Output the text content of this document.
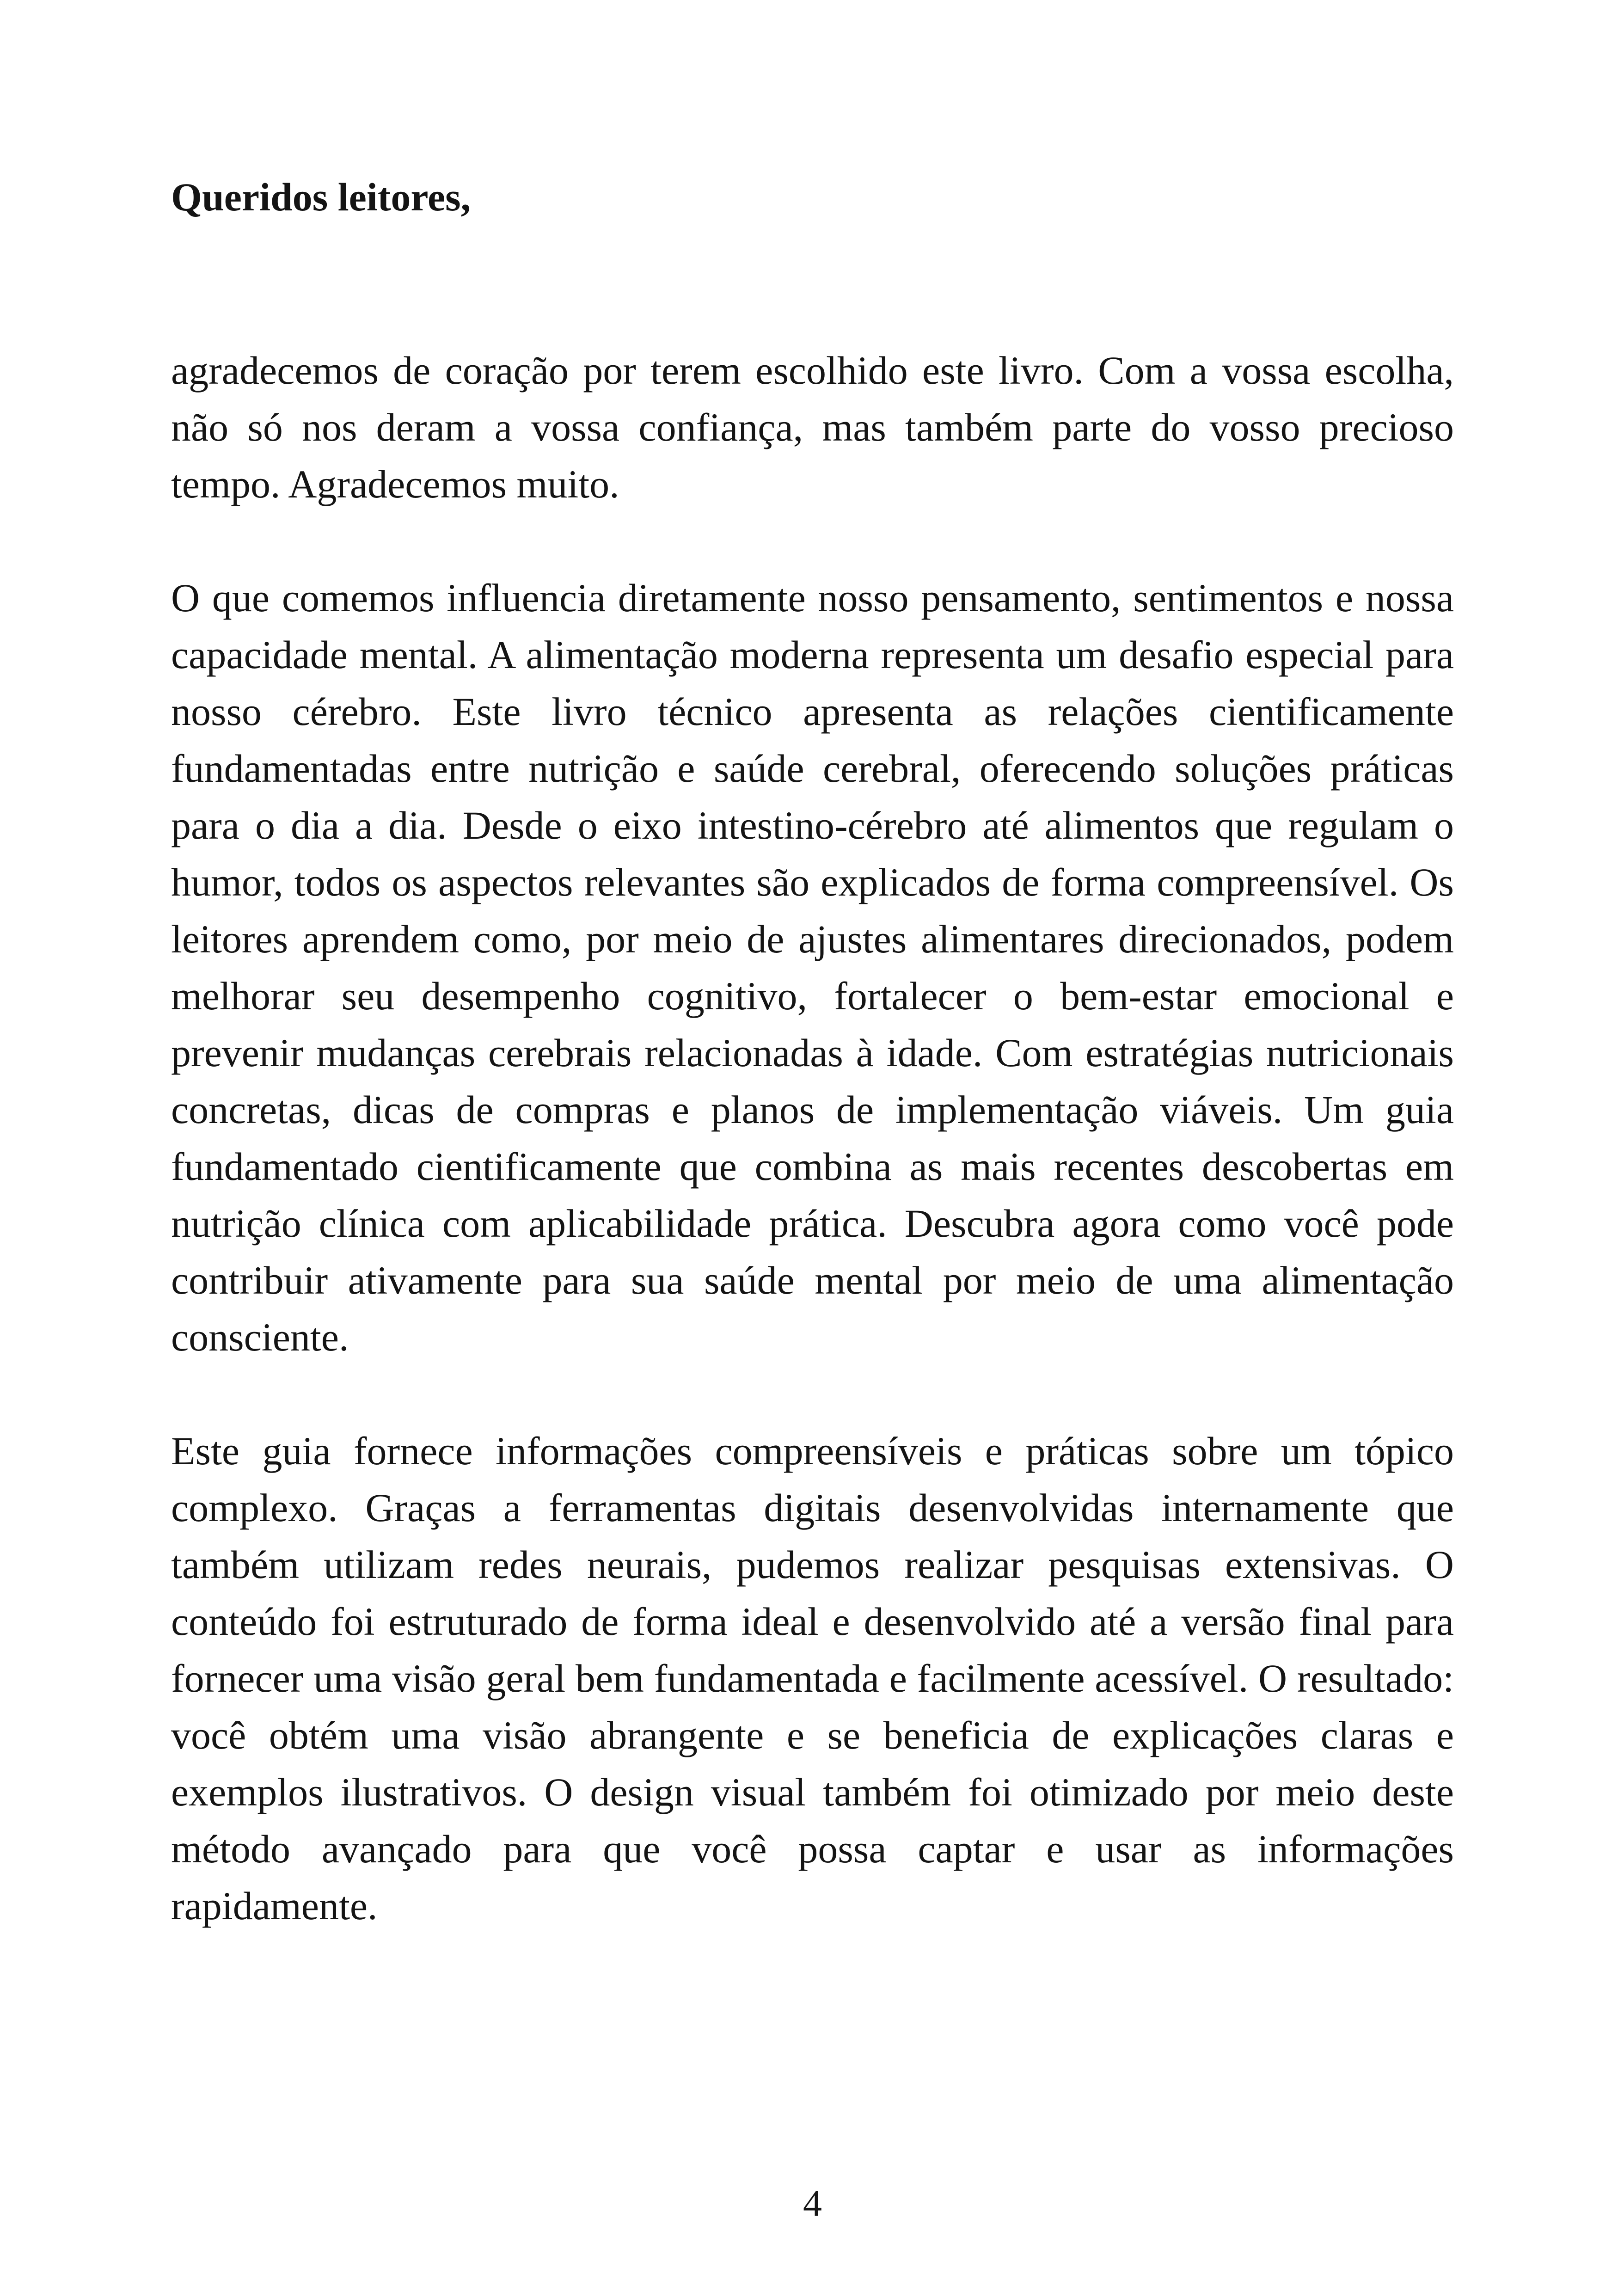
Queridos leitores,

agradecemos de coração por terem escolhido este livro. Com a vossa escolha, não só nos deram a vossa confiança, mas também parte do vosso precioso tempo. Agradecemos muito.

O que comemos influencia diretamente nosso pensamento, sentimentos e nossa capacidade mental. A alimentação moderna representa um desafio especial para nosso cérebro. Este livro técnico apresenta as relações cientificamente fundamentadas entre nutrição e saúde cerebral, oferecendo soluções práticas para o dia a dia. Desde o eixo intestino-cérebro até alimentos que regulam o humor, todos os aspectos relevantes são explicados de forma compreensível. Os leitores aprendem como, por meio de ajustes alimentares direcionados, podem melhorar seu desempenho cognitivo, fortalecer o bem-estar emocional e prevenir mudanças cerebrais relacionadas à idade. Com estratégias nutricionais concretas, dicas de compras e planos de implementação viáveis. Um guia fundamentado cientificamente que combina as mais recentes descobertas em nutrição clínica com aplicabilidade prática. Descubra agora como você pode contribuir ativamente para sua saúde mental por meio de uma alimentação consciente.

Este guia fornece informações compreensíveis e práticas sobre um tópico complexo. Graças a ferramentas digitais desenvolvidas internamente que também utilizam redes neurais, pudemos realizar pesquisas extensivas. O conteúdo foi estruturado de forma ideal e desenvolvido até a versão final para fornecer uma visão geral bem fundamentada e facilmente acessível. O resultado: você obtém uma visão abrangente e se beneficia de explicações claras e exemplos ilustrativos. O design visual também foi otimizado por meio deste método avançado para que você possa captar e usar as informações rapidamente.

4
